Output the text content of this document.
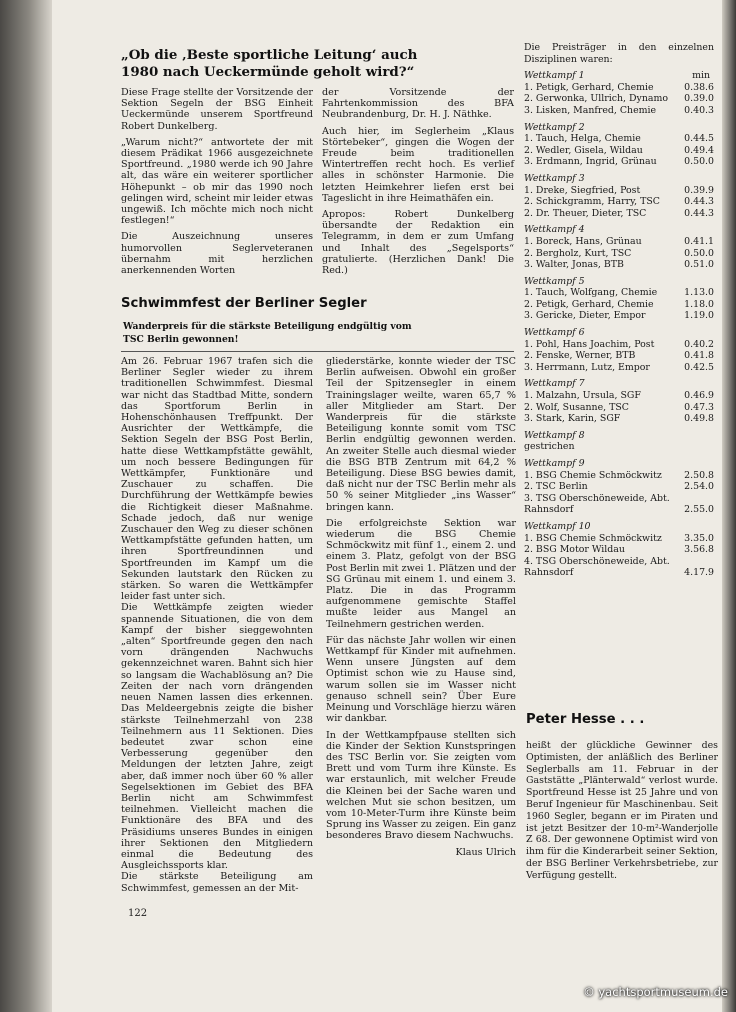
„Ob die ‚Beste sportliche Leitung‘ auch 1980 nach Ueckermünde geholt wird?“

Diese Frage stellte der Vorsitzende der Sektion Segeln der BSG Einheit Ueckermünde unserem Sportfreund Robert Dunkelberg.

„Warum nicht?“ antwortete der mit diesem Prädikat 1966 ausgezeichnete Sportfreund. „1980 werde ich 90 Jahre alt, das wäre ein weiterer sportlicher Höhepunkt – ob mir das 1990 noch gelingen wird, scheint mir leider etwas ungewiß. Ich möchte mich noch nicht festlegen!“

Die Auszeichnung unseres humorvollen Seglerveteranen übernahm mit herzlichen anerkennenden Worten

der Vorsitzende der Fahrtenkommission des BFA Neubrandenburg, Dr. H. J. Näthke.

Auch hier, im Seglerheim „Klaus Störtebeker“, gingen die Wogen der Freude beim traditionellen Wintertreffen recht hoch. Es verlief alles in schönster Harmonie. Die letzten Heimkehrer liefen erst bei Tageslicht in ihre Heimathäfen ein.

Apropos: Robert Dunkelberg übersandte der Redaktion ein Telegramm, in dem er zum Umfang und Inhalt des „Segelsports“ gratulierte. (Herzlichen Dank! Die Red.)

Schwimmfest der Berliner Segler
Wanderpreis für die stärkste Beteiligung endgültig vom TSC Berlin gewonnen!

Am 26. Februar 1967 trafen sich die Berliner Segler wieder zu ihrem traditionellen Schwimmfest. Diesmal war nicht das Stadtbad Mitte, sondern das Sportforum Berlin in Hohenschönhausen Treffpunkt. Der Ausrichter der Wettkämpfe, die Sektion Segeln der BSG Post Berlin, hatte diese Wettkampfstätte gewählt, um noch bessere Bedingungen für Wettkämpfer, Funktionäre und Zuschauer zu schaffen. Die Durchführung der Wettkämpfe bewies die Richtigkeit dieser Maßnahme. Schade jedoch, daß nur wenige Zuschauer den Weg zu dieser schönen Wettkampfstätte gefunden hatten, um ihren Sportfreundinnen und Sportfreunden im Kampf um die Sekunden lautstark den Rücken zu stärken. So waren die Wettkämpfer leider fast unter sich.

Die Wettkämpfe zeigten wieder spannende Situationen, die von dem Kampf der bisher sieggewohnten „alten“ Sportfreunde gegen den nach vorn drängenden Nachwuchs gekennzeichnet waren. Bahnt sich hier so langsam die Wachablösung an? Die Zeiten der nach vorn drängenden neuen Namen lassen dies erkennen. Das Meldeergebnis zeigte die bisher stärkste Teilnehmerzahl von 238 Teilnehmern aus 11 Sektionen. Dies bedeutet zwar schon eine Verbesserung gegenüber den Meldungen der letzten Jahre, zeigt aber, daß immer noch über 60 % aller Segelsektionen im Gebiet des BFA Berlin nicht am Schwimmfest teilnehmen. Vielleicht machen die Funktionäre des BFA und des Präsidiums unseres Bundes in einigen ihrer Sektionen den Mitgliedern einmal die Bedeutung des Ausgleichssports klar.

Die stärkste Beteiligung am Schwimmfest, gemessen an der Mit-

gliederstärke, konnte wieder der TSC Berlin aufweisen. Obwohl ein großer Teil der Spitzensegler in einem Trainingslager weilte, waren 65,7 % aller Mitglieder am Start. Der Wanderpreis für die stärkste Beteiligung konnte somit vom TSC Berlin endgültig gewonnen werden. An zweiter Stelle auch diesmal wieder die BSG BTB Zentrum mit 64,2 % Beteiligung. Diese BSG bewies damit, daß nicht nur der TSC Berlin mehr als 50 % seiner Mitglieder „ins Wasser“ bringen kann.

Die erfolgreichste Sektion war wiederum die BSG Chemie Schmöckwitz mit fünf 1., einem 2. und einem 3. Platz, gefolgt von der BSG Post Berlin mit zwei 1. Plätzen und der SG Grünau mit einem 1. und einem 3. Platz. Die in das Programm aufgenommene gemischte Staffel mußte leider aus Mangel an Teilnehmern gestrichen werden.

Für das nächste Jahr wollen wir einen Wettkampf für Kinder mit aufnehmen. Wenn unsere Jüngsten auf dem Optimist schon wie zu Hause sind, warum sollen sie im Wasser nicht genauso schnell sein? Über Eure Meinung und Vorschläge hierzu wären wir dankbar.

In der Wettkampfpause stellten sich die Kinder der Sektion Kunstspringen des TSC Berlin vor. Sie zeigten vom Brett und vom Turm ihre Künste. Es war erstaunlich, mit welcher Freude die Kleinen bei der Sache waren und welchen Mut sie schon besitzen, um vom 10-Meter-Turm ihre Künste beim Sprung ins Wasser zu zeigen. Ein ganz besonderes Bravo diesem Nachwuchs.

Klaus Ulrich

Die Preisträger in den einzelnen Disziplinen waren:

Wettkampf 1	min
1. Petigk, Gerhard, Chemie	0.38.6
2. Gerwonka, Ullrich, Dynamo	0.39.0
3. Lisken, Manfred, Chemie	0.40.3
Wettkampf 2
1. Tauch, Helga, Chemie	0.44.5
2. Wedler, Gisela, Wildau	0.49.4
3. Erdmann, Ingrid, Grünau	0.50.0
Wettkampf 3
1. Dreke, Siegfried, Post	0.39.9
2. Schickgramm, Harry, TSC	0.44.3
2. Dr. Theuer, Dieter, TSC	0.44.3
Wettkampf 4
1. Boreck, Hans, Grünau	0.41.1
2. Bergholz, Kurt, TSC	0.50.0
3. Walter, Jonas, BTB	0.51.0
Wettkampf 5
1. Tauch, Wolfgang, Chemie	1.13.0
2. Petigk, Gerhard, Chemie	1.18.0
3. Gericke, Dieter, Empor	1.19.0
Wettkampf 6
1. Pohl, Hans Joachim, Post	0.40.2
2. Fenske, Werner, BTB	0.41.8
3. Herrmann, Lutz, Empor	0.42.5
Wettkampf 7
1. Malzahn, Ursula, SGF	0.46.9
2. Wolf, Susanne, TSC	0.47.3
3. Stark, Karin, SGF	0.49.8
Wettkampf 8
gestrichen
Wettkampf 9
1. BSG Chemie Schmöckwitz	2.50.8
2. TSC Berlin	2.54.0
3. TSG Oberschöneweide, Abt. Rahnsdorf	2.55.0
Wettkampf 10
1. BSG Chemie Schmöckwitz	3.35.0
2. BSG Motor Wildau	3.56.8
4. TSG Oberschöneweide, Abt. Rahnsdorf	4.17.9
Peter Hesse . . .

heißt der glückliche Gewinner des Optimisten, der anläßlich des Berliner Seglerballs am 11. Februar in der Gaststätte „Plänterwald“ verlost wurde. Sportfreund Hesse ist 25 Jahre und von Beruf Ingenieur für Maschinenbau. Seit 1960 Segler, begann er im Piraten und ist jetzt Besitzer der 10-m²-Wanderjolle Z 68. Der gewonnene Optimist wird von ihm für die Kinderarbeit seiner Sektion, der BSG Berliner Verkehrsbetriebe, zur Verfügung gestellt.

122
© yachtsportmuseum.de
